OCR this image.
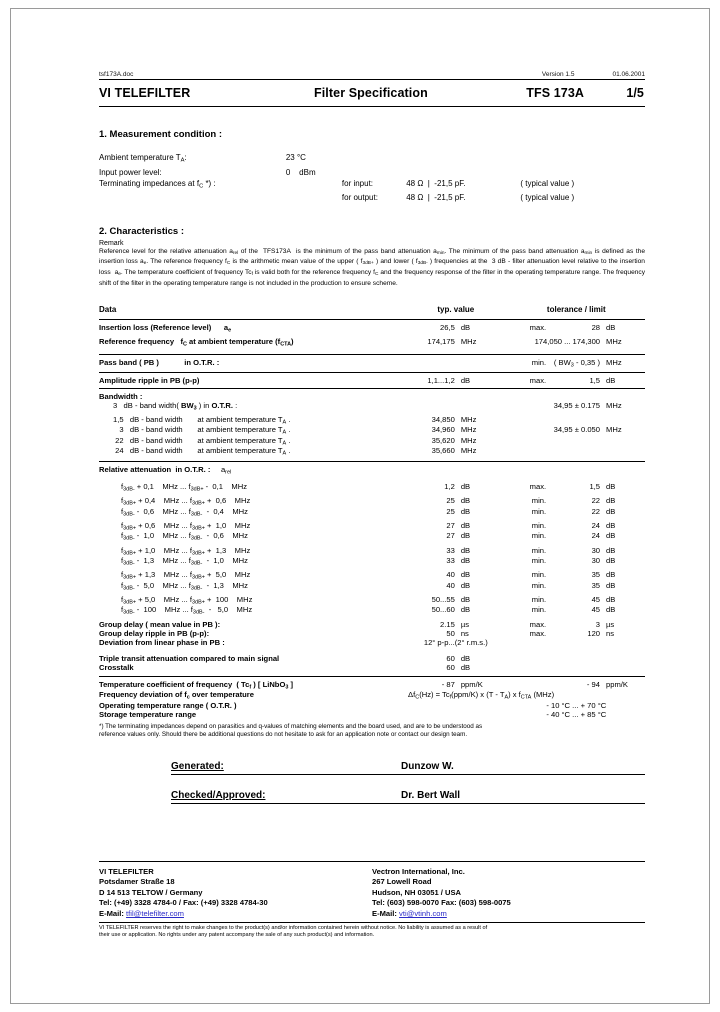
tsf173A.doc	Version 1.5	01.06.2001
VI TELEFILTER	Filter Specification	TFS 173A	1/5
1. Measurement condition :
Ambient temperature $T_A$:	23 °C			
Input power level:	0    dBm			
Terminating impedances at $f_C$ *) :		for input:	48 Ω  |  -21,5 pF.	( typical value )
		for output:	48 Ω  |  -21,5 pF.	( typical value )
2. Characteristics :
Remark
Reference level for the relative attenuation $a_{rel}$ of the  TFS173A  is the minimum of the pass band attenuation $a_{min}$. The minimum of the pass band attenuation $a_{min}$ is defined as the insertion loss $a_e$. The reference frequency $f_C$ is the arithmetic mean value of the upper ( $f_{3dB+}$ ) and lower ( $f_{3dB-}$ ) frequencies at the  3 dB - filter attenuation level relative to the insertion loss  $a_e$. The temperature coefficient of frequency $Tc_f$ is valid both for the reference frequency $f_C$ and the frequency response of the filter in the operating temperature range. The frequency shift of the filter in the operating temperature range is not included in the production to ensure scheme.
Data	typ. value		tolerance / limit		
Insertion loss (Reference level)      $a_e$	26,5	dB	max.	28	dB

Reference frequency   $f_C$ at ambient temperature $(f_{CTA})$	174,175	MHz	174,050 ... 174,300		MHz

Pass band ( PB )            in O.T.R. :			min.	( $BW_3 - 0,35$ )	MHz
Amplitude ripple in PB (p-p)	1,1...1,2	dB	max.	1,5	dB
Bandwidth :					
3   dB - band width( $BW_3$ ) in O.T.R. :			34,95 ± 0.175		MHz

1,5   dB - band width       at ambient temperature $T_A$ .	34,850	MHz			
3   dB - band width       at ambient temperature $T_A$ .	34,960	MHz	34,95 ± 0.050		MHz
22   dB - band width       at ambient temperature $T_A$ .	35,620	MHz			
24   dB - band width       at ambient temperature $T_A$ .	35,660	MHz			

Relative attenuation  in O.T.R. :     $a_{rel}$					

$f_{3dB-} + 0,1$    MHz ... $f_{3dB+} - 0,1$    MHz	1,2	dB	max.	1,5	dB

$f_{3dB+} + 0,4$    MHz ... $f_{3dB+} + 0,6$    MHz	25	dB	min.	22	dB
$f_{3dB-} - 0,6$    MHz ... $f_{3dB-} - 0,4$    MHz	25	dB	min.	22	dB

$f_{3dB+} + 0,6$    MHz ... $f_{3dB+} + 1,0$    MHz	27	dB	min.	24	dB
$f_{3dB-} - 1,0$    MHz ... $f_{3dB-} - 0,6$    MHz	27	dB	min.	24	dB

$f_{3dB+} + 1,0$    MHz ... $f_{3dB+} + 1,3$    MHz	33	dB	min.	30	dB
$f_{3dB-} - 1,3$    MHz ... $f_{3dB-} - 1,0$    MHz	33	dB	min.	30	dB

$f_{3dB+} + 1,3$    MHz ... $f_{3dB+} + 5,0$    MHz	40	dB	min.	35	dB
$f_{3dB-} - 5,0$    MHz ... $f_{3dB-} - 1,3$    MHz	40	dB	min.	35	dB

$f_{3dB+} + 5,0$    MHz ... $f_{3dB+} + 100$    MHz	50...55	dB	min.	45	dB
$f_{3dB-} - 100$    MHz ... $f_{3dB-} - 5,0$    MHz	50...60	dB	min.	45	dB

Group delay ( mean value in PB ):	2.15	µs	max.	3	µs
Group delay ripple in PB (p-p):	50	ns	max.	120	ns
Deviation from linear phase in PB :	12° p-p...(2° r.m.s.)				

Triple transit attenuation compared to main signal	60	dB			
Crosstalk	60	dB			

Temperature coefficient of frequency  ( $Tc_f$ ) [ LiNbO$_3$ ]	- 87	ppm/K		- 94	ppm/K
Frequency deviation of $f_c$ over temperature	$\Delta f_C(Hz) = Tc_f(ppm/K)$ x $(T - T_A)$ x $f_{CTA}$ (MHz)				
Operating temperature range ( O.T.R. )			- 10 °C ... + 70 °C		
Storage temperature range			- 40 °C ... + 85 °C		
*) The terminating impedances depend on parasitics and q-values of matching elements and the board used, and are to be understood as
reference values only. Should there be additional questions do not hesitate to ask for an application note or contact our design team.
Generated:	Dunzow W.
Checked/Approved:	Dr. Bert Wall
VI TELEFILTER
Potsdamer Straße 18
D 14 513 TELTOW / Germany
Tel: (+49) 3328 4784-0 / Fax: (+49) 3328 4784-30
E-Mail: tfil@telefilter.com
Vectron International, Inc.
267 Lowell Road
Hudson, NH 03051 / USA
Tel: (603) 598-0070 Fax: (603) 598-0075
E-Mail: vti@vtinh.com
VI TELEFILTER reserves the right to make changes to the product(s) and/or information contained herein without notice. No liability is assumed as a result of
their use or application. No rights under any patent accompany the sale of any such product(s) and information.
